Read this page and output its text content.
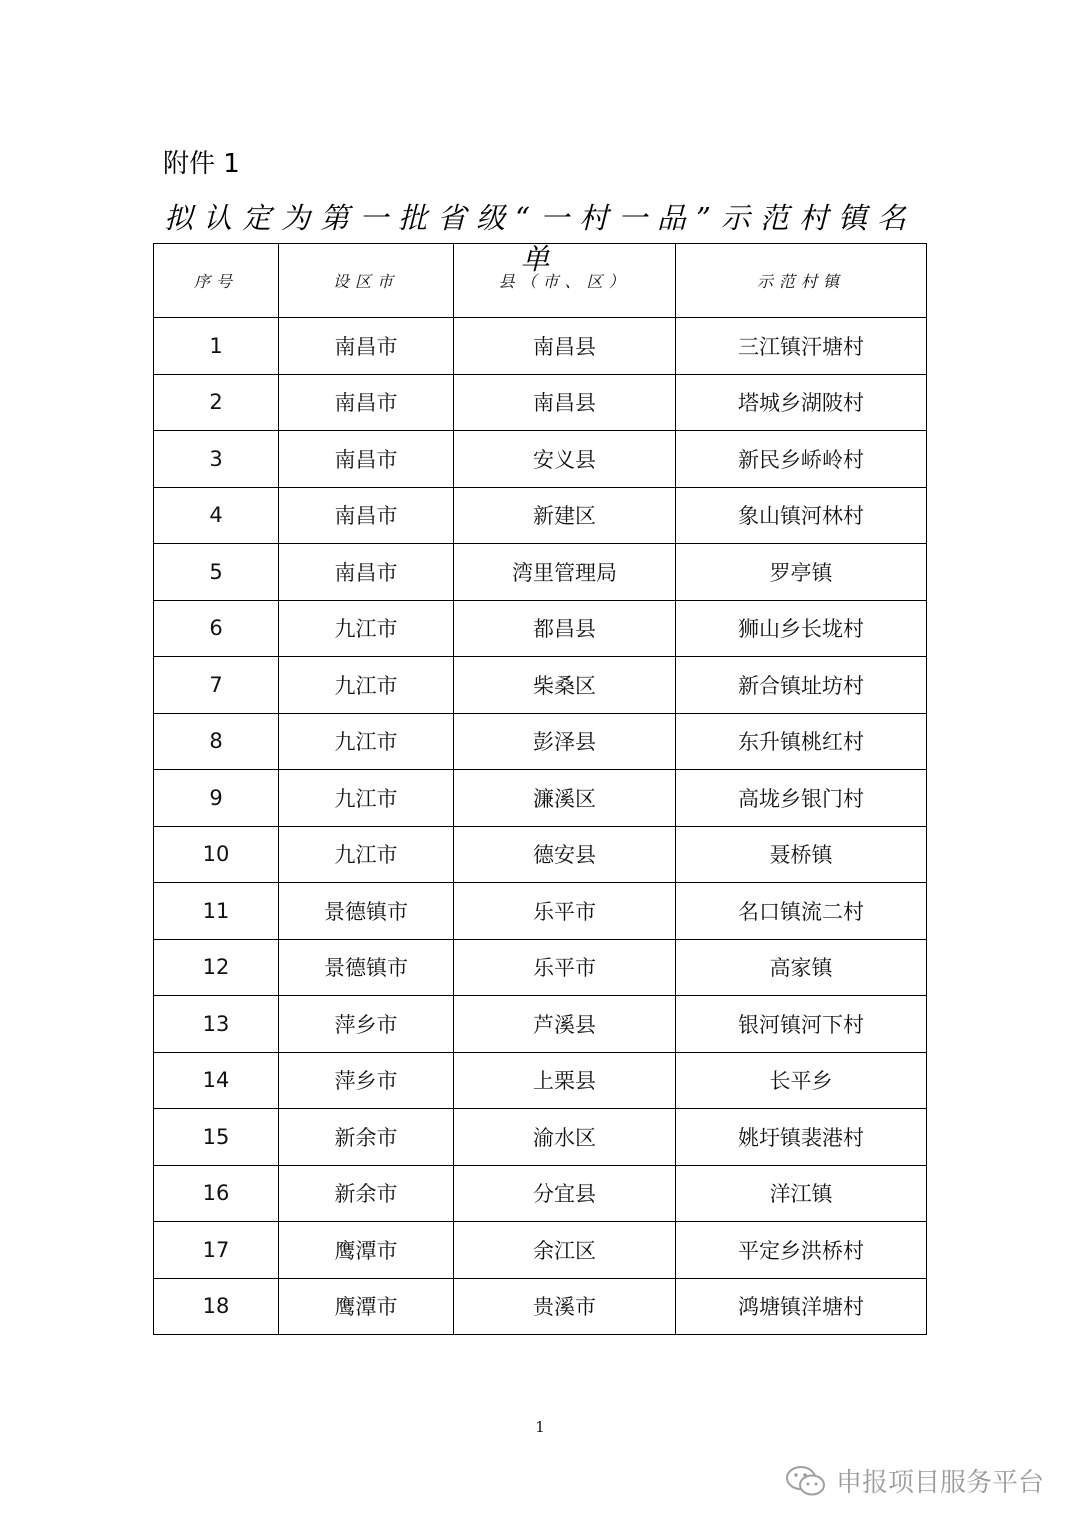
附件 1
拟认定为第一批省级“一村一品”示范村镇名单
序号	设区市	县（市、区）	示范村镇
1	南昌市	南昌县	三江镇汗塘村
2	南昌市	南昌县	塔城乡湖陂村
3	南昌市	安义县	新民乡峤岭村
4	南昌市	新建区	象山镇河林村
5	南昌市	湾里管理局	罗亭镇
6	九江市	都昌县	狮山乡长垅村
7	九江市	柴桑区	新合镇址坊村
8	九江市	彭泽县	东升镇桃红村
9	九江市	濂溪区	高垅乡银门村
10	九江市	德安县	聂桥镇
11	景德镇市	乐平市	名口镇流二村
12	景德镇市	乐平市	高家镇
13	萍乡市	芦溪县	银河镇河下村
14	萍乡市	上栗县	长平乡
15	新余市	渝水区	姚圩镇裴港村
16	新余市	分宜县	洋江镇
17	鹰潭市	余江区	平定乡洪桥村
18	鹰潭市	贵溪市	鸿塘镇洋塘村
1
申报项目服务平台
